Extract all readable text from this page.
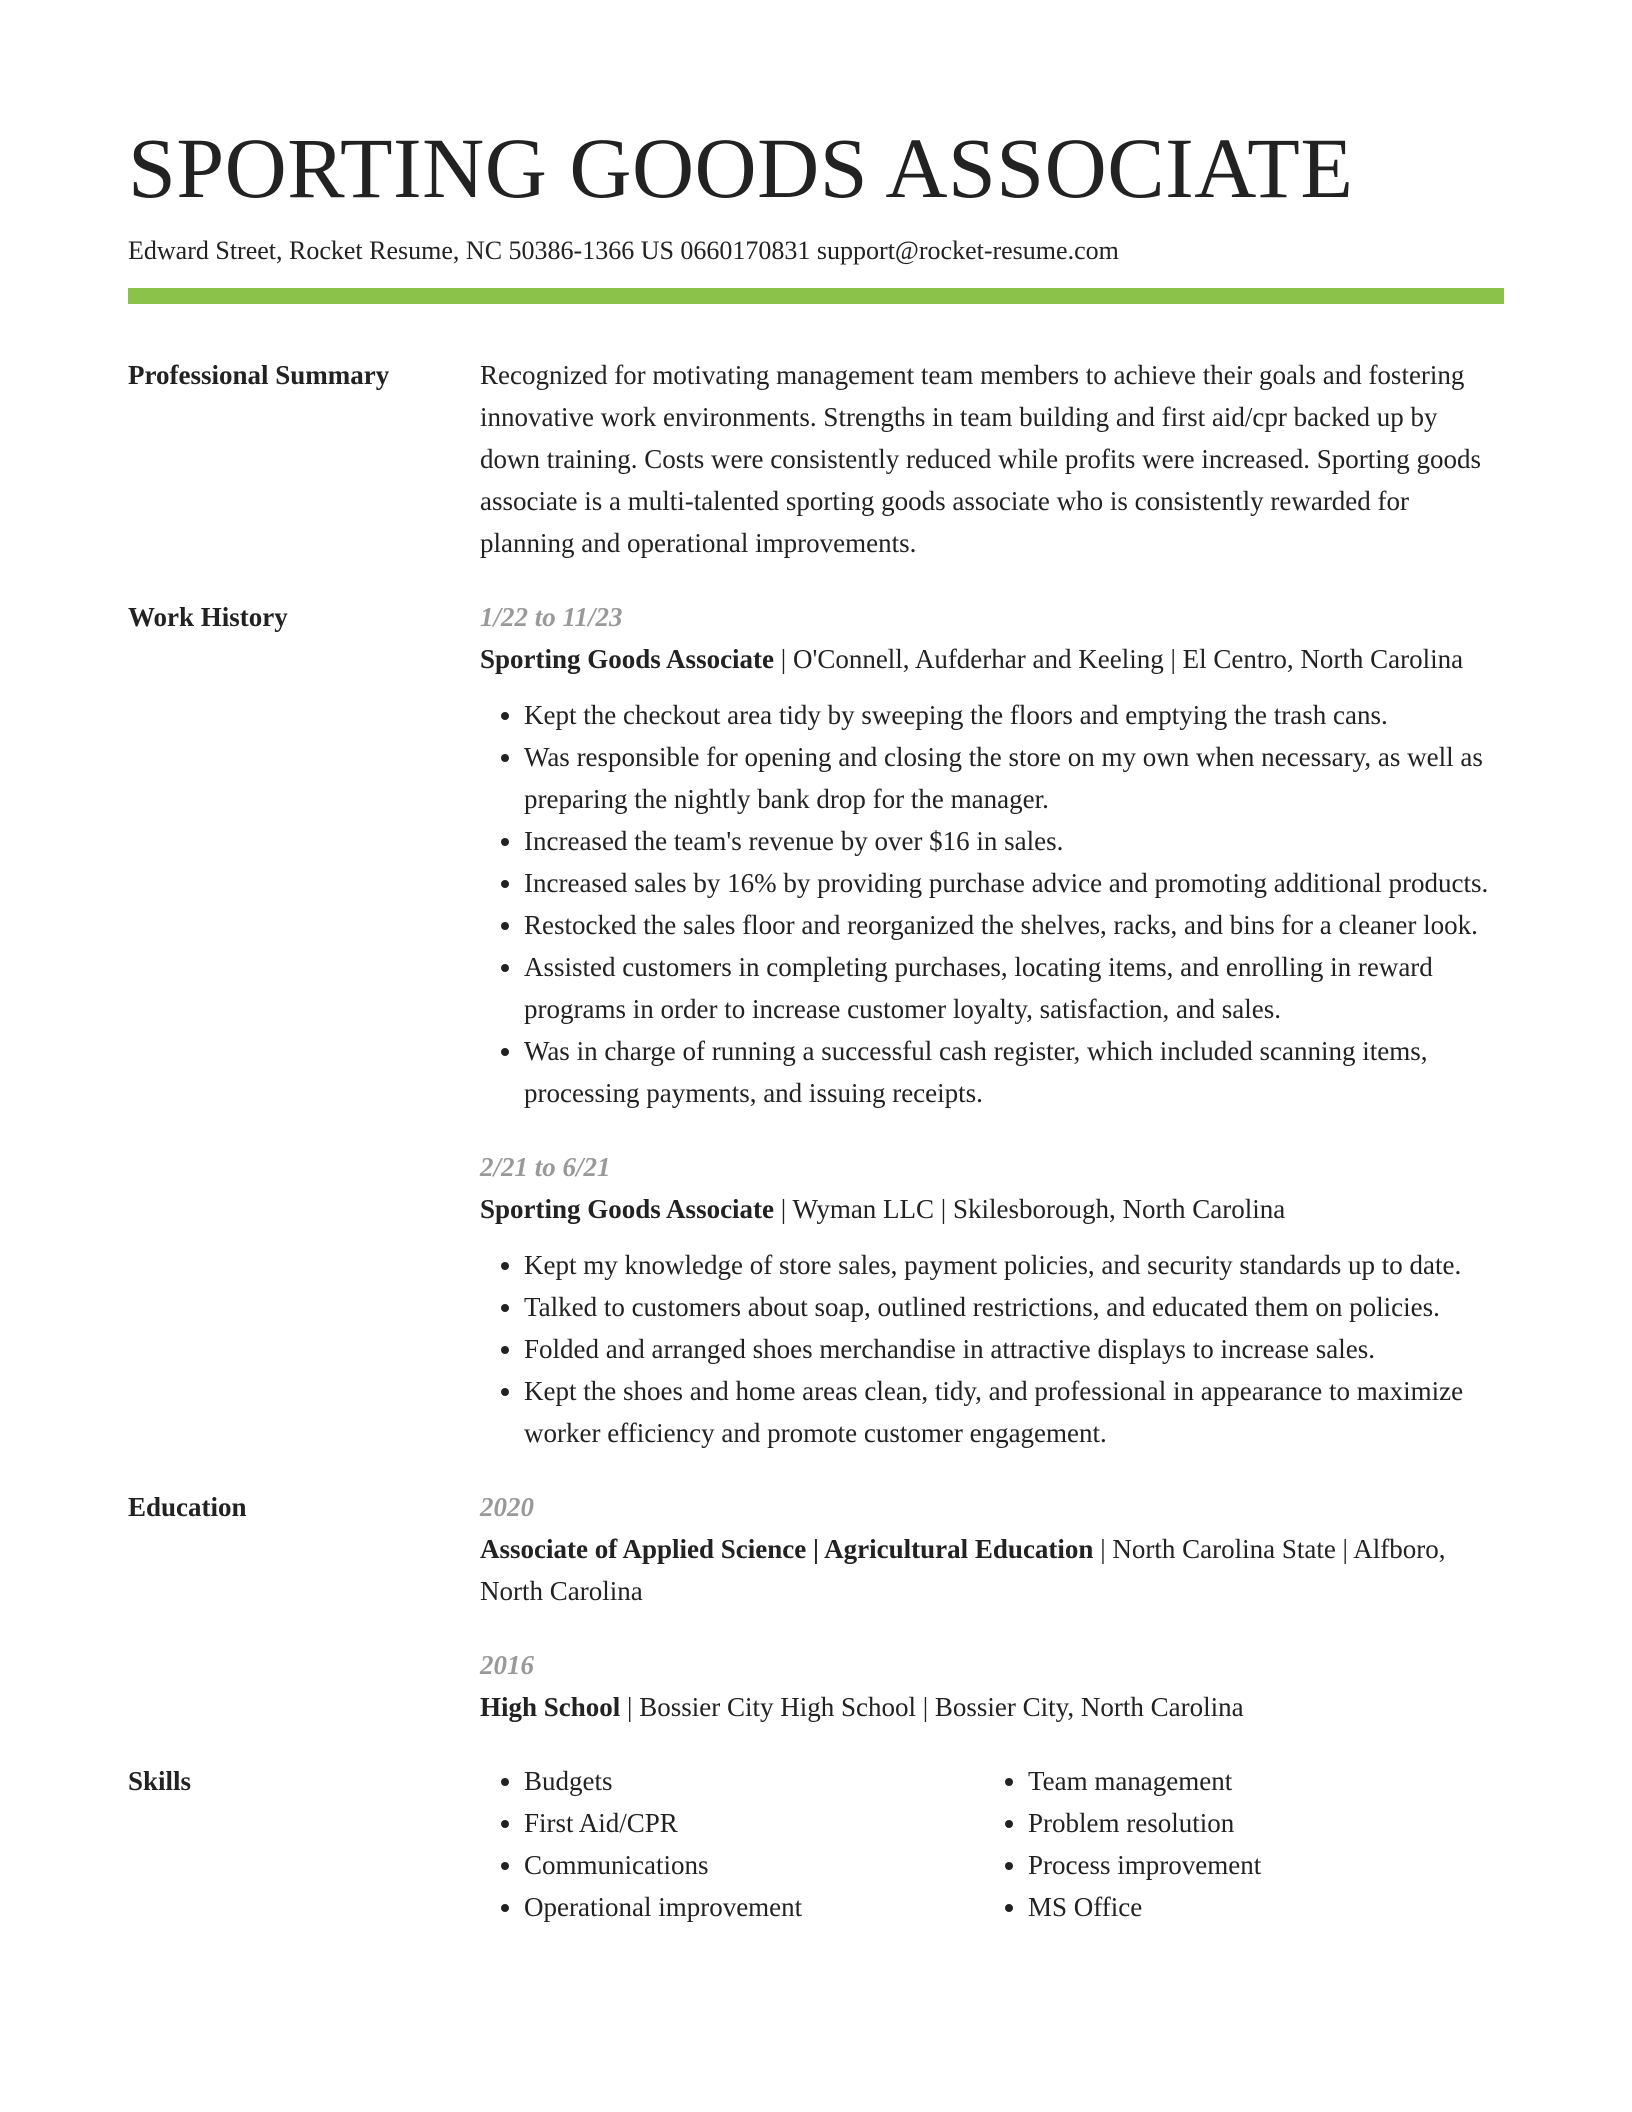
SPORTING GOODS ASSOCIATE
Edward Street, Rocket Resume, NC 50386-1366 US 0660170831 support@rocket-resume.com
Professional Summary	Recognized for motivating management team members to achieve their goals and fostering innovative work environments. Strengths in team building and first aid/cpr backed up by down training. Costs were consistently reduced while profits were increased. Sporting goods associate is a multi-talented sporting goods associate who is consistently rewarded for planning and operational improvements.

Work History	1/22 to 11/23
Sporting Goods Associate | O'Connell, Aufderhar and Keeling | El Centro, North Carolina
• Kept the checkout area tidy by sweeping the floors and emptying the trash cans.
• Was responsible for opening and closing the store on my own when necessary, as well as preparing the nightly bank drop for the manager.
• Increased the team's revenue by over $16 in sales.
• Increased sales by 16% by providing purchase advice and promoting additional products.
• Restocked the sales floor and reorganized the shelves, racks, and bins for a cleaner look.
• Assisted customers in completing purchases, locating items, and enrolling in reward programs in order to increase customer loyalty, satisfaction, and sales.
• Was in charge of running a successful cash register, which included scanning items, processing payments, and issuing receipts.
2/21 to 6/21
Sporting Goods Associate | Wyman LLC | Skilesborough, North Carolina
• Kept my knowledge of store sales, payment policies, and security standards up to date.
• Talked to customers about soap, outlined restrictions, and educated them on policies.
• Folded and arranged shoes merchandise in attractive displays to increase sales.
• Kept the shoes and home areas clean, tidy, and professional in appearance to maximize worker efficiency and promote customer engagement.
Education	2020
Associate of Applied Science | Agricultural Education | North Carolina State | Alfboro, North Carolina
2016
High School | Bossier City High School | Bossier City, North Carolina
Skills
•	Budgets
• First Aid/CPR
• Communications
• Operational improvement
• Team management
• Problem resolution
• Process improvement
• MS Office
